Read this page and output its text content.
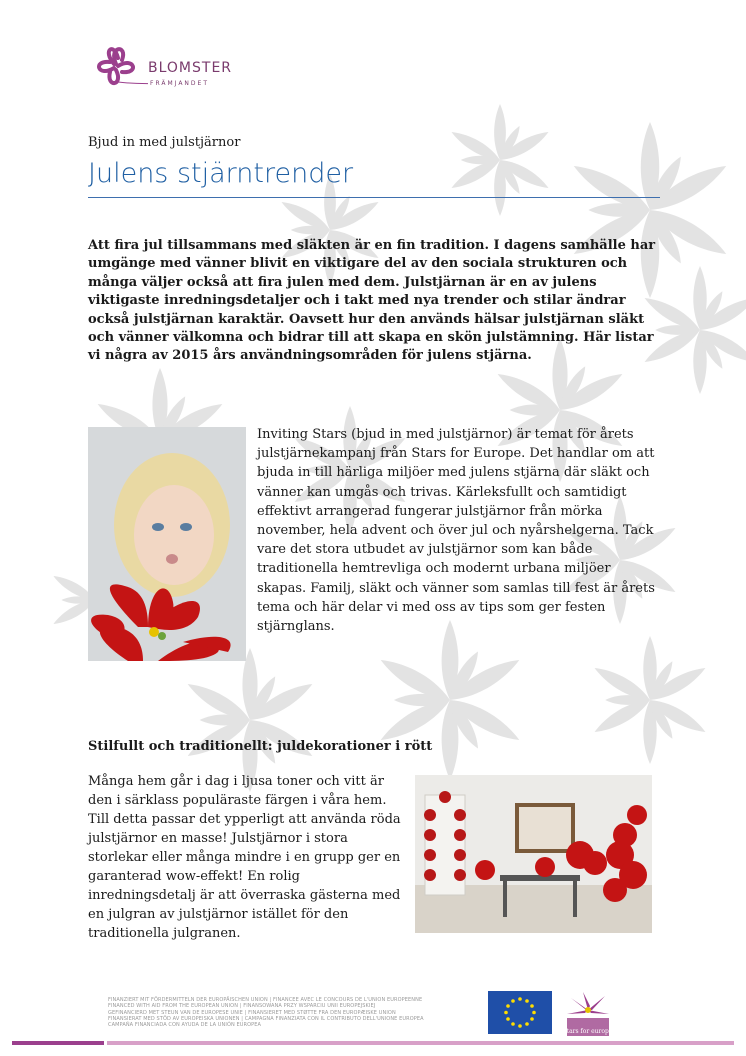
BLOMSTER
FRÄMJANDET
Bjud in med julstjärnor
Julens stjärntrender
Att fira jul tillsammans med släkten är en fin tradition. I dagens samhälle har umgänge med vänner blivit en viktigare del av den sociala strukturen och många väljer också att fira julen med dem. Julstjärnan är en av julens viktigaste inredningsdetaljer och i takt med nya trender och stilar ändrar också julstjärnan karaktär. Oavsett hur den används hälsar julstjärnan släkt och vänner välkomna och bidrar till att skapa en skön julstämning. Här listar vi några av 2015 års användningsområden för julens stjärna.
Inviting Stars (bjud in med julstjärnor) är temat för årets julstjärnekampanj från Stars for Europe. Det handlar om att bjuda in till härliga miljöer med julens stjärna där släkt och vänner kan umgås och trivas. Kärleksfullt och samtidigt effektivt arrangerad fungerar julstjärnor från mörka november, hela advent och över jul och nyårshelgerna. Tack vare det stora utbudet av julstjärnor som kan både traditionella hemtrevliga och modernt urbana miljöer skapas. Familj, släkt och vänner som samlas till fest är årets tema och här delar vi med oss av tips som ger festen stjärnglans.
Stilfullt och traditionellt: juldekorationer i rött
Många hem går i dag i ljusa toner och vitt är den i särklass populäraste färgen i våra hem. Till detta passar det ypperligt att använda röda julstjärnor en masse! Julstjärnor i stora storlekar eller många mindre i en grupp ger en garanterad wow-effekt! En rolig inredningsdetalj är att överraska gästerna med en julgran av julstjärnor istället för den traditionella julgranen.
FINANZIERT MIT FÖRDERMITTELN DER EUROPÄISCHEN UNION | FINANCEE AVEC LE CONCOURS DE L'UNION EUROPEENNE
FINANCED WITH AID FROM THE EUROPEAN UNION | FINANSOWANA PRZY WSPARCIU UNII EUROPEJSKIEJ
GEFINANCIERD MET STEUN VAN DE EUROPESE UNIE | FINANSIERET MED STØTTE FRA DEN EUROPÆISKE UNION
FINANSIERAT MED STÖD AV EUROPEISKA UNIONEN | CAMPAGNA FINANZIATA CON IL CONTRIBUTO DELL'UNIONE EUROPEA
CAMPAÑA FINANCIADA CON AYUDA DE LA UNIÓN EUROPEA
stars for europe
